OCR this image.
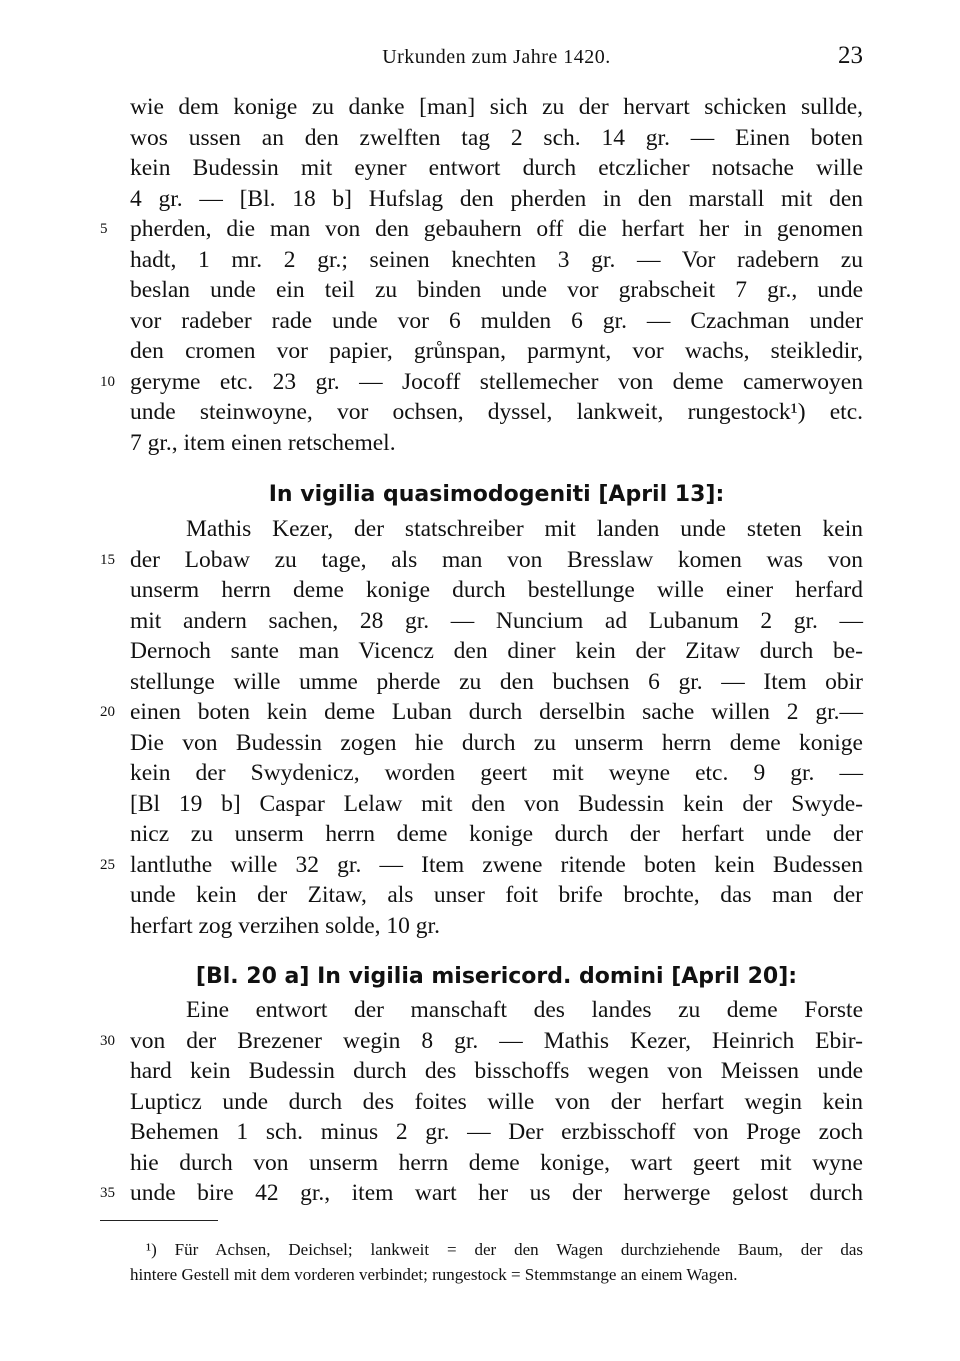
Urkunden zum Jahre 1420.	23
wie dem konige zu danke [man] sich zu der hervart schicken sullde,
wos ussen an den zwelften tag 2 sch. 14 gr. — Einen boten
kein Budessin mit eyner entwort durch etczlicher notsache wille
4 gr. — [Bl. 18 b] Hufslag den pherden in den marstall mit den
pherden, die man von den gebauhern off die herfart her in genomen
hadt, 1 mr. 2 gr.; seinen knechten 3 gr. — Vor radebern zu
beslan unde ein teil zu binden unde vor grabscheit 7 gr., unde
vor radeber rade unde vor 6 mulden 6 gr. — Czachman under
den cromen vor papier, grůnspan, parmynt, vor wachs, steikledir,
geryme etc. 23 gr. — Jocoff stellemecher von deme camerwoyen
unde steinwoyne, vor ochsen, dyssel, lankweit, rungestock¹) etc.
7 gr., item einen retschemel.
In vigilia quasimodogeniti [April 13]:
Mathis Kezer, der statschreiber mit landen unde steten kein
der Lobaw zu tage, als man von Bresslaw komen was von
unserm herrn deme konige durch bestellunge wille einer herfard
mit andern sachen, 28 gr. — Nuncium ad Lubanum 2 gr. —
Dernoch sante man Vicencz den diner kein der Zitaw durch be-
stellunge wille umme pherde zu den buchsen 6 gr. — Item obir
einen boten kein deme Luban durch derselbin sache willen 2 gr.—
Die von Budessin zogen hie durch zu unserm herrn deme konige
kein der Swydenicz, worden geert mit weyne etc. 9 gr. —
[Bl 19 b] Caspar Lelaw mit den von Budessin kein der Swyde-
nicz zu unserm herrn deme konige durch der herfart unde der
lantluthe wille 32 gr. — Item zwene ritende boten kein Budessen
unde kein der Zitaw, als unser foit brife brochte, das man der
herfart zog verzihen solde, 10 gr.
[Bl. 20 a] In vigilia misericord. domini [April 20]:
Eine entwort der manschaft des landes zu deme Forste
von der Brezener wegin 8 gr. — Mathis Kezer, Heinrich Ebir-
hard kein Budessin durch des bisschoffs wegen von Meissen unde
Lupticz unde durch des foites wille von der herfart wegin kein
Behemen 1 sch. minus 2 gr. — Der erzbisschoff von Proge zoch
hie durch von unserm herrn deme konige, wart geert mit wyne
unde bire 42 gr., item wart her us der herwerge gelost durch
5
10
15
20
25
30
35
¹) Für Achsen, Deichsel; lankweit = der den Wagen durchziehende Baum, der das
hintere Gestell mit dem vorderen verbindet; rungestock = Stemmstange an einem Wagen.
